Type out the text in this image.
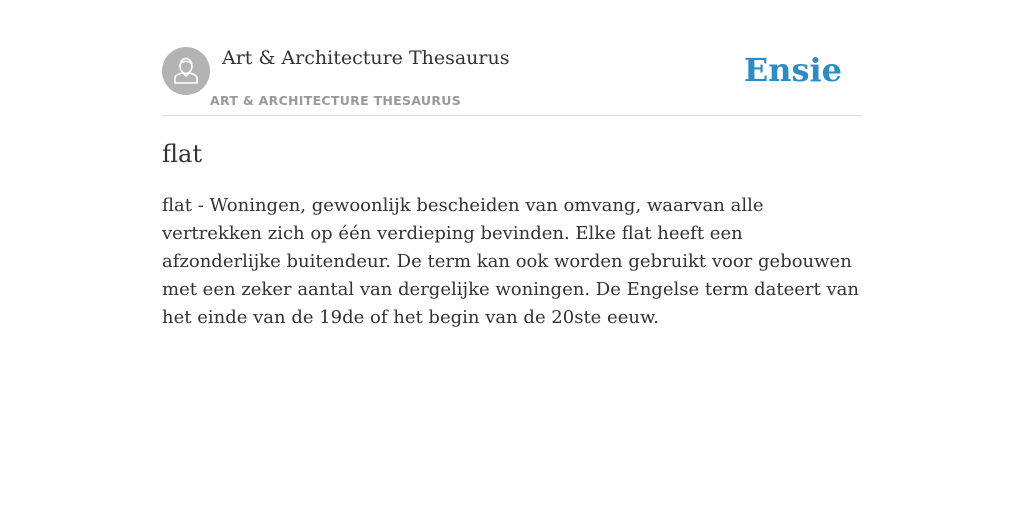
Art & Architecture Thesaurus
ART & ARCHITECTURE THESAURUS
Ensie
flat

flat - Woningen, gewoonlijk bescheiden van omvang, waarvan alle vertrekken zich op één verdieping bevinden. Elke flat heeft een afzonderlijke buitendeur. De term kan ook worden gebruikt voor gebouwen met een zeker aantal van dergelijke woningen. De Engelse term dateert van het einde van de 19de of het begin van de 20ste eeuw.
